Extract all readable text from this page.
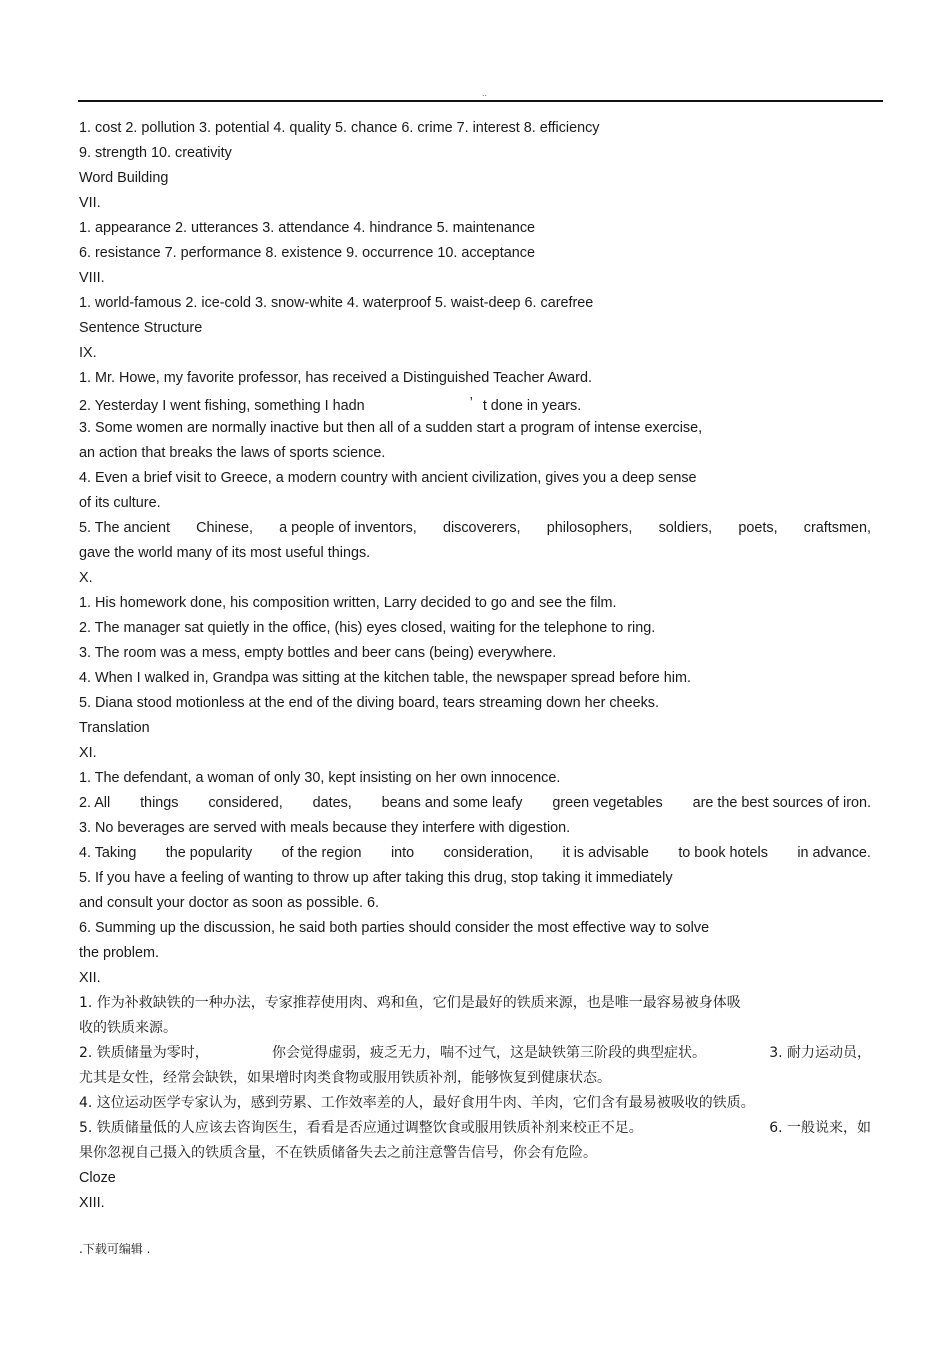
..
1. cost 2. pollution 3. potential 4. quality 5. chance 6. crime 7. interest 8. efficiency
9. strength 10. creativity
Word Building
VII.
1. appearance 2. utterances 3. attendance 4. hindrance 5. maintenance
6. resistance 7. performance 8. existence 9. occurrence 10. acceptance
VIII.
1. world-famous 2. ice-cold 3. snow-white 4. waterproof 5. waist-deep 6. carefree
Sentence Structure
IX.
1. Mr. Howe, my favorite professor, has received a Distinguished Teacher Award.
2. Yesterday I went fishing, something I hadn	’ t done in years.
3. Some women are normally inactive but then all of a sudden start a program of intense exercise,
an action that breaks the laws of sports science.
4. Even a brief visit to Greece, a modern country with ancient civilization, gives you a deep sense
of its culture.
5. The ancient Chinese, a people of inventors, discoverers, philosophers, soldiers, poets, craftsmen,
gave the world many of its most useful things.
X.
1. His homework done, his composition written, Larry decided to go and see the film.
2. The manager sat quietly in the office, (his) eyes closed, waiting for the telephone to ring.
3. The room was a mess, empty bottles and beer cans (being) everywhere.
4. When I walked in, Grandpa was sitting at the kitchen table, the newspaper spread before him.
5. Diana stood motionless at the end of the diving board, tears streaming down her cheeks.
Translation
XI.
1. The defendant, a woman of only 30, kept insisting on her own innocence.
2. All things considered, dates, beans and some leafy green vegetables are the best sources of iron.
3. No beverages are served with meals because they interfere with digestion.
4. Taking the popularity of the region into consideration, it is advisable to book hotels in advance.
5. If you have a feeling of wanting to throw up after taking this drug, stop taking it immediately
and consult your doctor as soon as possible. 6.
6. Summing up the discussion, he said both parties should consider the most effective way to solve
the problem.
XII.
1. 作为补救缺铁的一种办法，专家推荐使用肉、鸡和鱼，它们是最好的铁质来源，也是唯一最容易被身体吸
收的铁质来源。
2. 铁质储量为零时，	你会觉得虚弱，疲乏无力，喘不过气，这是缺铁第三阶段的典型症状。	3. 耐力运动员，
尤其是女性，经常会缺铁，如果增时肉类食物或服用铁质补剂，能够恢复到健康状态。
4. 这位运动医学专家认为，感到劳累、工作效率差的人，最好食用牛肉、羊肉，它们含有最易被吸收的铁质。
5. 铁质储量低的人应该去咨询医生，看看是否应通过调整饮食或服用铁质补剂来校正不足。	6. 一般说来，如
果你忽视自己摄入的铁质含量，不在铁质储备失去之前注意警告信号，你会有危险。
Cloze
XIII.
.下载可编辑 .
